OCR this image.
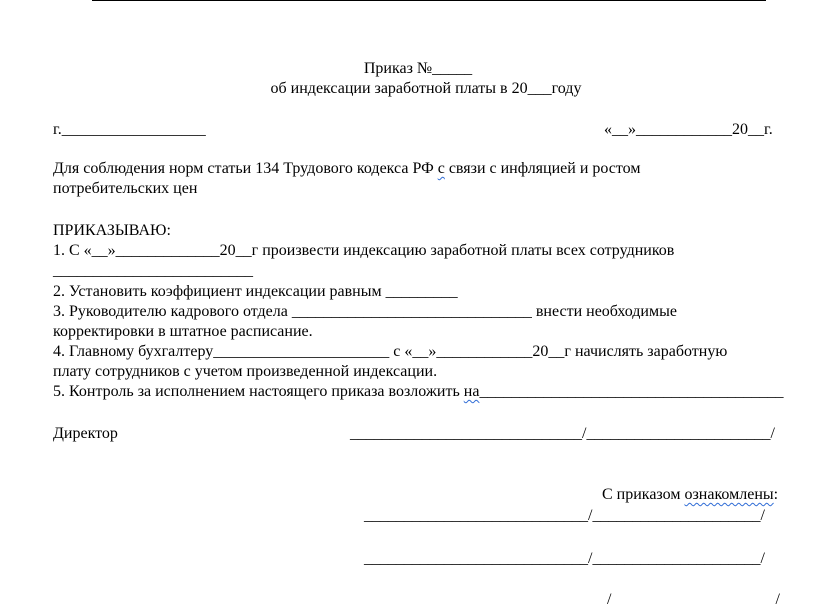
Приказ №_____
об индексации заработной платы в 20___году
г.__________________	«__»____________20__г.
Для соблюдения норм статьи 134 Трудового кодекса РФ с связи с инфляцией и ростом
потребительских цен
ПРИКАЗЫВАЮ:
1. С «__»_____________20__г произвести индексацию заработной платы всех сотрудников
_________________________
2. Установить коэффициент индексации равным _________
3. Руководителю кадрового отдела ______________________________ внести необходимые
корректировки в штатное расписание.
4. Главному бухгалтеру______________________ с «__»____________20__г начислять заработную
плату сотрудников с учетом произведенной индексации.
5. Контроль за исполнением настоящего приказа возложить на______________________________________
Директор	_____________________________/_______________________/
С приказом ознакомлены:
____________________________/_____________________/
____________________________/_____________________/
/                                         /
